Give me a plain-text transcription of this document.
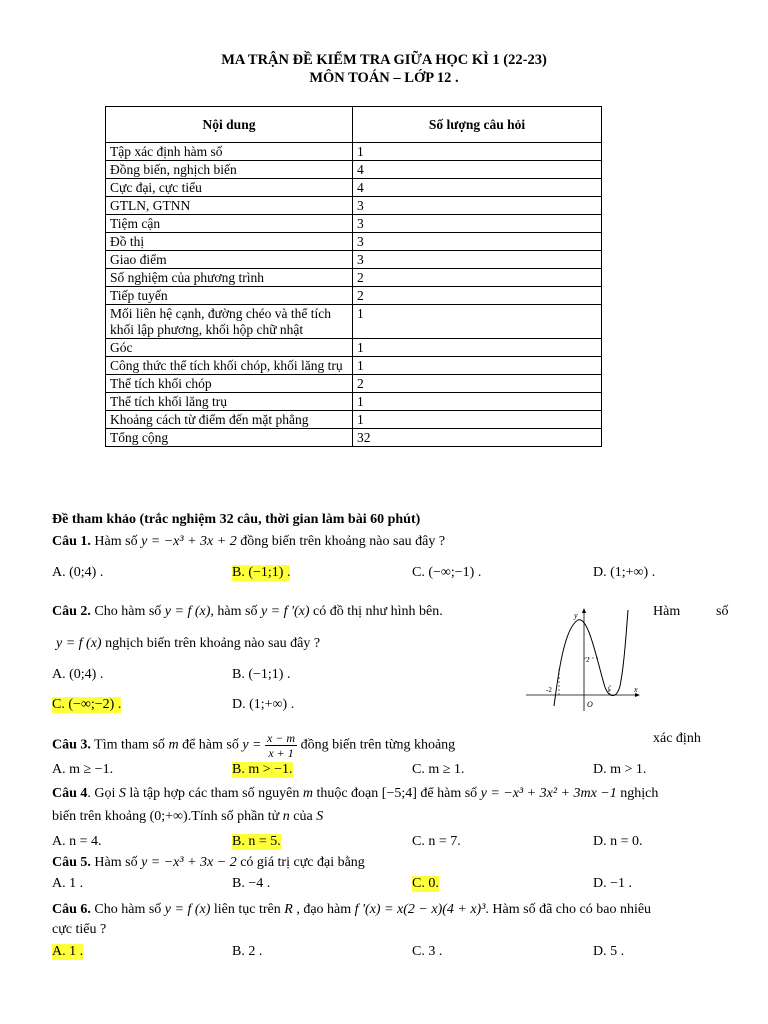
MA TRẬN ĐỀ KIỂM TRA GIỮA HỌC KÌ 1 (22-23)
MÔN TOÁN – LỚP 12 .
Nội dung	Số lượng câu hỏi
Tập xác định hàm số	1
Đồng biến, nghịch biến	4
Cực đại, cực tiểu	4
GTLN, GTNN	3
Tiệm cận	3
Đồ thị	3
Giao điểm	3
Số nghiệm của phương trình	2
Tiếp tuyến	2
Mối liên hệ cạnh, đường chéo và thể tích khối lập phương, khối hộp chữ nhật	1
Góc	1
Công thức thể tích khối chóp, khối lăng trụ	1
Thể tích khối chóp	2
Thể tích khối lăng trụ	1
Khoảng cách từ điểm đến mặt phẳng	1
Tổng cộng	32
Đề tham khảo (trắc nghiệm 32 câu, thời gian làm bài 60 phút)
Câu 1. Hàm số y = −x³ + 3x + 2 đồng biến trên khoảng nào sau đây ?
A. (0;4) .	B. (−1;1) .	C. (−∞;−1) .	D. (1;+∞) .
Câu 2. Cho hàm số y = f (x), hàm số y = f '(x) có đồ thị như hình bên.	Hàm	số
y = f (x) nghịch biến trên khoảng nào sau đây ?
A. (0;4) .	B. (−1;1) .
C. (−∞;−2) .	D. (1;+∞) .
y
x
O
-2
2
1
Câu 3. Tìm tham số m để hàm số $y = \frac{x - m}{x + 1}$ đồng biến trên từng khoảng	xác định
A. m ≥ −1.	B. m > −1.	C. m ≥ 1.	D. m > 1.
Câu 4. Gọi S là tập hợp các tham số nguyên m thuộc đoạn [−5;4] để hàm số y = −x³ + 3x² + 3mx −1 nghịch
biến trên khoảng (0;+∞).Tính số phần tử n của S
A. n = 4.	B. n = 5.	C. n = 7.	D. n = 0.
Câu 5. Hàm số y = −x³ + 3x − 2 có giá trị cực đại bằng
A. 1 .	B. −4 .	C. 0.	D. −1 .
Câu 6. Cho hàm số y = f (x) liên tục trên R , đạo hàm f '(x) = x(2 − x)(4 + x)³. Hàm số đã cho có bao nhiêu
cực tiểu ?
A. 1 .	B. 2 .	C. 3 .	D. 5 .
